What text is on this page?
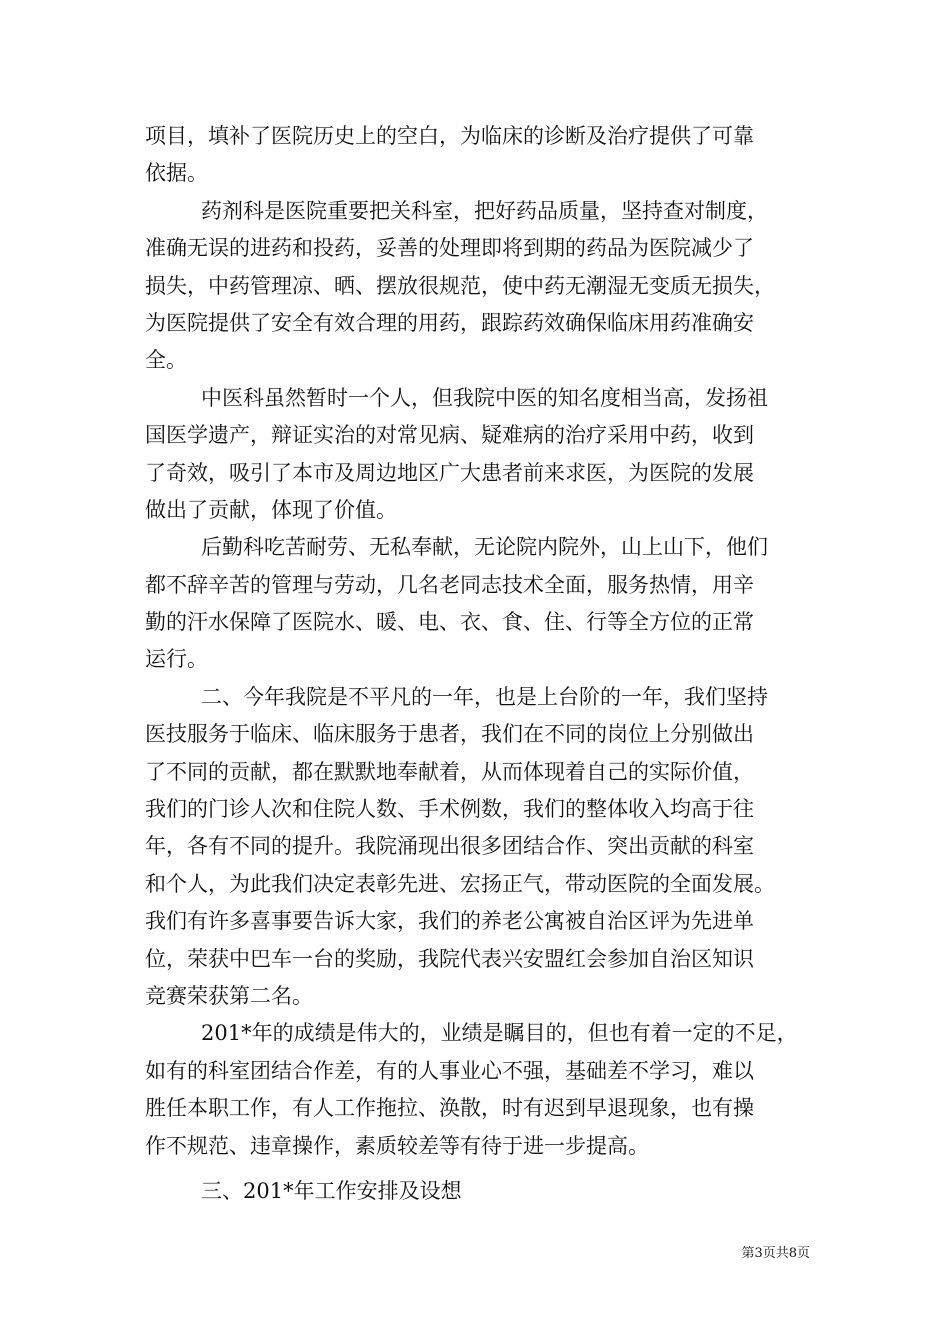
项目，填补了医院历史上的空白，为临床的诊断及治疗提供了可靠
依据。
药剂科是医院重要把关科室，把好药品质量，坚持查对制度，
准确无误的进药和投药，妥善的处理即将到期的药品为医院减少了
损失，中药管理凉、晒、摆放很规范，使中药无潮湿无变质无损失，
为医院提供了安全有效合理的用药，跟踪药效确保临床用药准确安
全。
中医科虽然暂时一个人，但我院中医的知名度相当高，发扬祖
国医学遗产，辩证实治的对常见病、疑难病的治疗采用中药，收到
了奇效，吸引了本市及周边地区广大患者前来求医，为医院的发展
做出了贡献，体现了价值。
后勤科吃苦耐劳、无私奉献，无论院内院外，山上山下，他们
都不辞辛苦的管理与劳动，几名老同志技术全面，服务热情，用辛
勤的汗水保障了医院水、暖、电、衣、食、住、行等全方位的正常
运行。
二、今年我院是不平凡的一年，也是上台阶的一年，我们坚持
医技服务于临床、临床服务于患者，我们在不同的岗位上分别做出
了不同的贡献，都在默默地奉献着，从而体现着自己的实际价值，
我们的门诊人次和住院人数、手术例数，我们的整体收入均高于往
年，各有不同的提升。我院涌现出很多团结合作、突出贡献的科室
和个人，为此我们决定表彰先进、宏扬正气，带动医院的全面发展。
我们有许多喜事要告诉大家，我们的养老公寓被自治区评为先进单
位，荣获中巴车一台的奖励，我院代表兴安盟红会参加自治区知识
竞赛荣获第二名。
201*年的成绩是伟大的，业绩是瞩目的，但也有着一定的不足，
如有的科室团结合作差，有的人事业心不强，基础差不学习，难以
胜任本职工作，有人工作拖拉、涣散，时有迟到早退现象，也有操
作不规范、违章操作，素质较差等有待于进一步提高。
三、201*年工作安排及设想
第3页共8页
